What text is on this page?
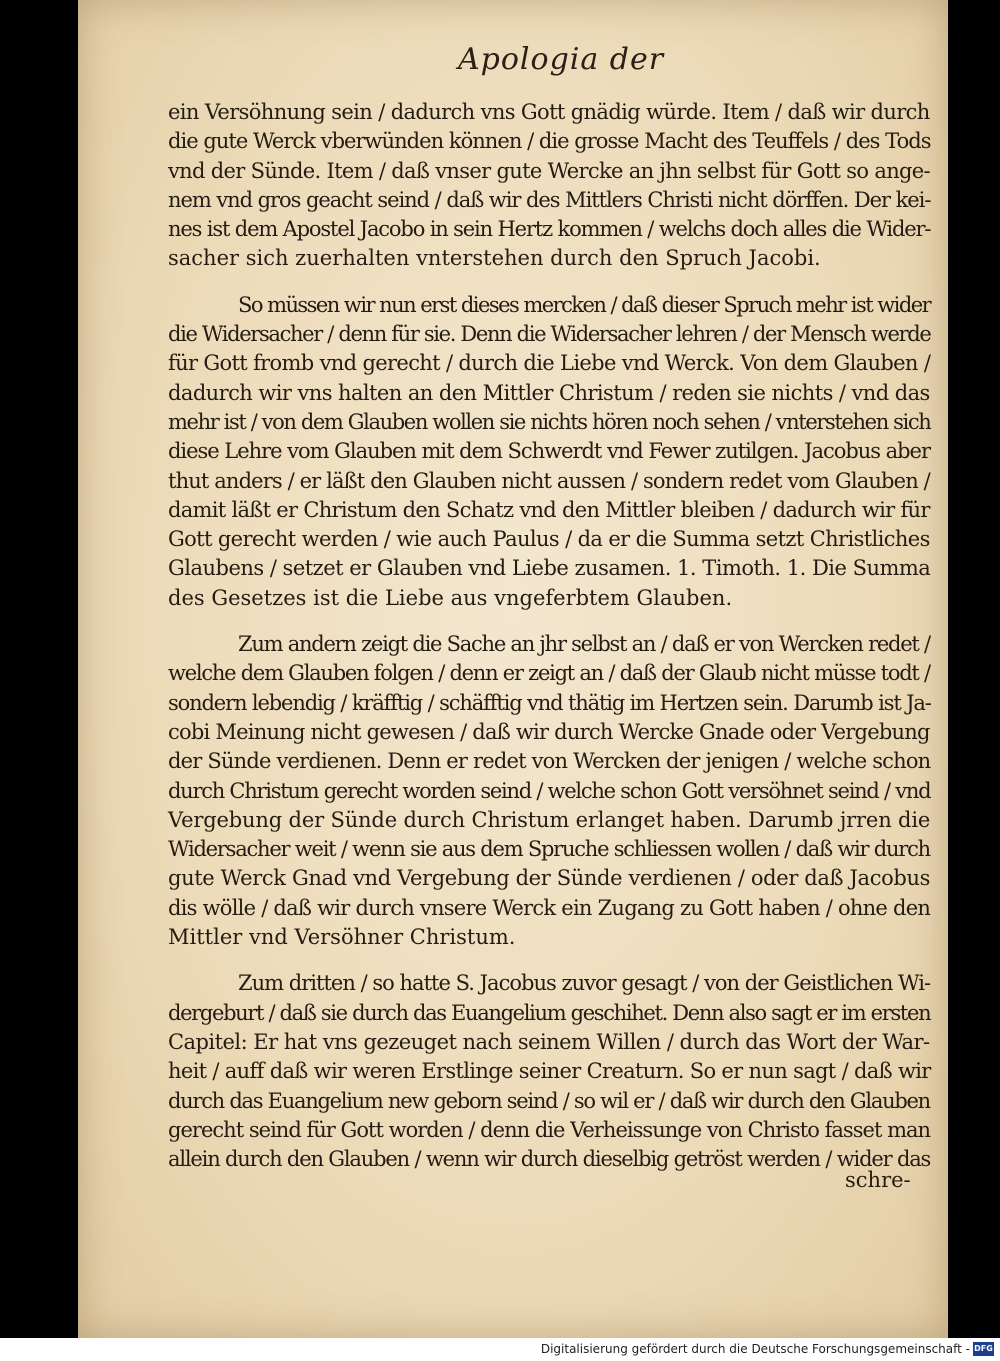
Apologia der
ein Versöhnung sein / dadurch vns Gott gnädig würde. Item / daß wir durch
die gute Werck vberwünden können / die grosse Macht des Teuffels / des Tods
vnd der Sünde. Item / daß vnser gute Wercke an jhn selbst für Gott so ange-
nem vnd gros geacht seind / daß wir des Mittlers Christi nicht dörffen. Der kei-
nes ist dem Apostel Jacobo in sein Hertz kommen / welchs doch alles die Wider-
sacher sich zuerhalten vnterstehen durch den Spruch Jacobi.
So müssen wir nun erst dieses mercken / daß dieser Spruch mehr ist wider
die Widersacher / denn für sie. Denn die Widersacher lehren / der Mensch werde
für Gott fromb vnd gerecht / durch die Liebe vnd Werck. Von dem Glauben /
dadurch wir vns halten an den Mittler Christum / reden sie nichts / vnd das
mehr ist / von dem Glauben wollen sie nichts hören noch sehen / vnterstehen sich
diese Lehre vom Glauben mit dem Schwerdt vnd Fewer zutilgen. Jacobus aber
thut anders / er läßt den Glauben nicht aussen / sondern redet vom Glauben /
damit läßt er Christum den Schatz vnd den Mittler bleiben / dadurch wir für
Gott gerecht werden / wie auch Paulus / da er die Summa setzt Christliches
Glaubens / setzet er Glauben vnd Liebe zusamen. 1. Timoth. 1. Die Summa
des Gesetzes ist die Liebe aus vngeferbtem Glauben.
Zum andern zeigt die Sache an jhr selbst an / daß er von Wercken redet /
welche dem Glauben folgen / denn er zeigt an / daß der Glaub nicht müsse todt /
sondern lebendig / kräfftig / schäfftig vnd thätig im Hertzen sein. Darumb ist Ja-
cobi Meinung nicht gewesen / daß wir durch Wercke Gnade oder Vergebung
der Sünde verdienen. Denn er redet von Wercken der jenigen / welche schon
durch Christum gerecht worden seind / welche schon Gott versöhnet seind / vnd
Vergebung der Sünde durch Christum erlanget haben. Darumb jrren die
Widersacher weit / wenn sie aus dem Spruche schliessen wollen / daß wir durch
gute Werck Gnad vnd Vergebung der Sünde verdienen / oder daß Jacobus
dis wölle / daß wir durch vnsere Werck ein Zugang zu Gott haben / ohne den
Mittler vnd Versöhner Christum.
Zum dritten / so hatte S. Jacobus zuvor gesagt / von der Geistlichen Wi-
dergeburt / daß sie durch das Euangelium geschihet. Denn also sagt er im ersten
Capitel: Er hat vns gezeuget nach seinem Willen / durch das Wort der War-
heit / auff daß wir weren Erstlinge seiner Creaturn. So er nun sagt / daß wir
durch das Euangelium new geborn seind / so wil er / daß wir durch den Glauben
gerecht seind für Gott worden / denn die Verheissunge von Christo fasset man
allein durch den Glauben / wenn wir durch dieselbig getröst werden / wider das
schre-
Digitalisierung gefördert durch die Deutsche Forschungsgemeinschaft - DFG
